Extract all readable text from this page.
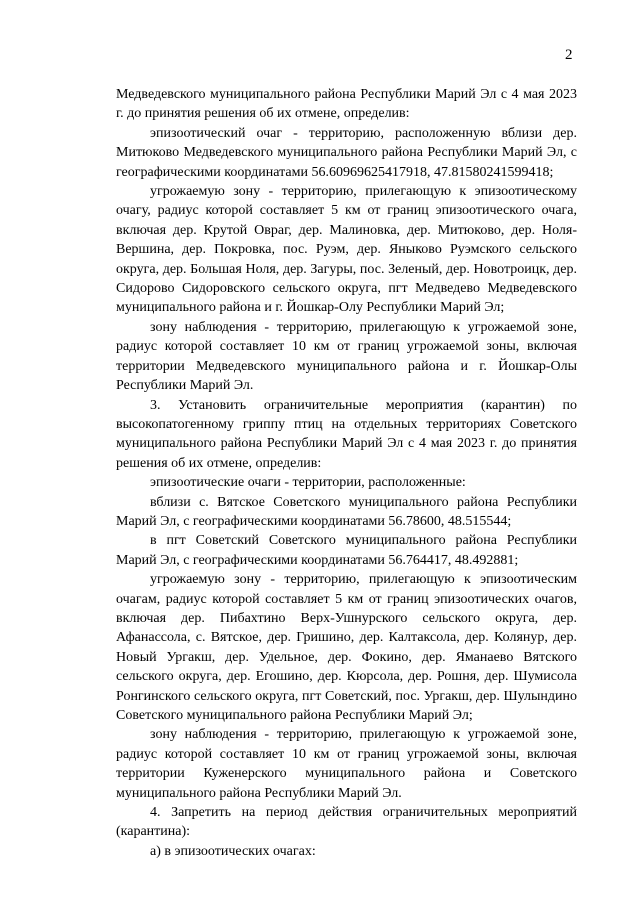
2

Медведевского муниципального района Республики Марий Эл с 4 мая 2023 г. до принятия решения об их отмене, определив:

эпизоотический очаг - территорию, расположенную вблизи дер. Митюково Медведевского муниципального района Республики Марий Эл, с географическими координатами 56.60969625417918, 47.81580241599418;

угрожаемую зону - территорию, прилегающую к эпизоотическому очагу, радиус которой составляет 5 км от границ эпизоотического очага, включая дер. Крутой Овраг, дер. Малиновка, дер. Митюково, дер. Ноля-Вершина, дер. Покровка, пос. Руэм, дер. Яныково Руэмского сельского округа, дер. Большая Ноля, дер. Загуры, пос. Зеленый, дер. Новотроицк, дер. Сидорово Сидоровского сельского округа, пгт Медведево Медведевского муниципального района и г. Йошкар-Олу Республики Марий Эл;

зону наблюдения - территорию, прилегающую к угрожаемой зоне, радиус которой составляет 10 км от границ угрожаемой зоны, включая территории Медведевского муниципального района и г. Йошкар-Олы Республики Марий Эл.

3. Установить ограничительные мероприятия (карантин) по высокопатогенному гриппу птиц на отдельных территориях Советского муниципального района Республики Марий Эл с 4 мая 2023 г. до принятия решения об их отмене, определив:

эпизоотические очаги - территории, расположенные:

вблизи с. Вятское Советского муниципального района Республики Марий Эл, с географическими координатами 56.78600, 48.515544;

в пгт Советский Советского муниципального района Республики Марий Эл, с географическими координатами 56.764417, 48.492881;

угрожаемую зону - территорию, прилегающую к эпизоотическим очагам, радиус которой составляет 5 км от границ эпизоотических очагов, включая дер. Пибахтино Верх-Ушнурского сельского округа, дер. Афанассола, с. Вятское, дер. Гришино, дер. Калтаксола, дер. Колянур, дер. Новый Ургакш, дер. Удельное, дер. Фокино, дер. Яманаево Вятского сельского округа, дер. Егошино, дер. Кюрсола, дер. Рошня, дер. Шумисола Ронгинского сельского округа, пгт Советский, пос. Ургакш, дер. Шулындино Советского муниципального района Республики Марий Эл;

зону наблюдения - территорию, прилегающую к угрожаемой зоне, радиус которой составляет 10 км от границ угрожаемой зоны, включая территории Куженерского муниципального района и Советского муниципального района Республики Марий Эл.

4. Запретить на период действия ограничительных мероприятий (карантина):

а) в эпизоотических очагах:
